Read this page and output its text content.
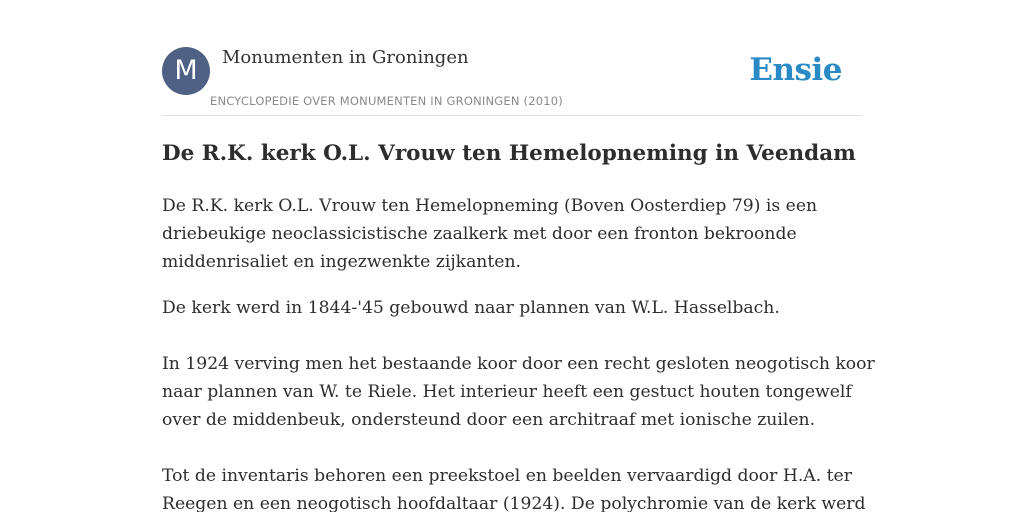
M	Monumenten in Groningen
ENCYCLOPEDIE OVER MONUMENTEN IN GRONINGEN (2010)
Ensie
De R.K. kerk O.L. Vrouw ten Hemelopneming in Veendam

De R.K. kerk O.L. Vrouw ten Hemelopneming (Boven Oosterdiep 79) is een
driebeukige neoclassicistische zaalkerk met door een fronton bekroonde
middenrisaliet en ingezwenkte zijkanten.

De kerk werd in 1844-'45 gebouwd naar plannen van W.L. Hasselbach.

In 1924 verving men het bestaande koor door een recht gesloten neogotisch koor
naar plannen van W. te Riele. Het interieur heeft een gestuct houten tongewelf
over de middenbeuk, ondersteund door een architraaf met ionische zuilen.

Tot de inventaris behoren een preekstoel en beelden vervaardigd door H.A. ter
Reegen en een neogotisch hoofdaltaar (1924). De polychromie van de kerk werd
